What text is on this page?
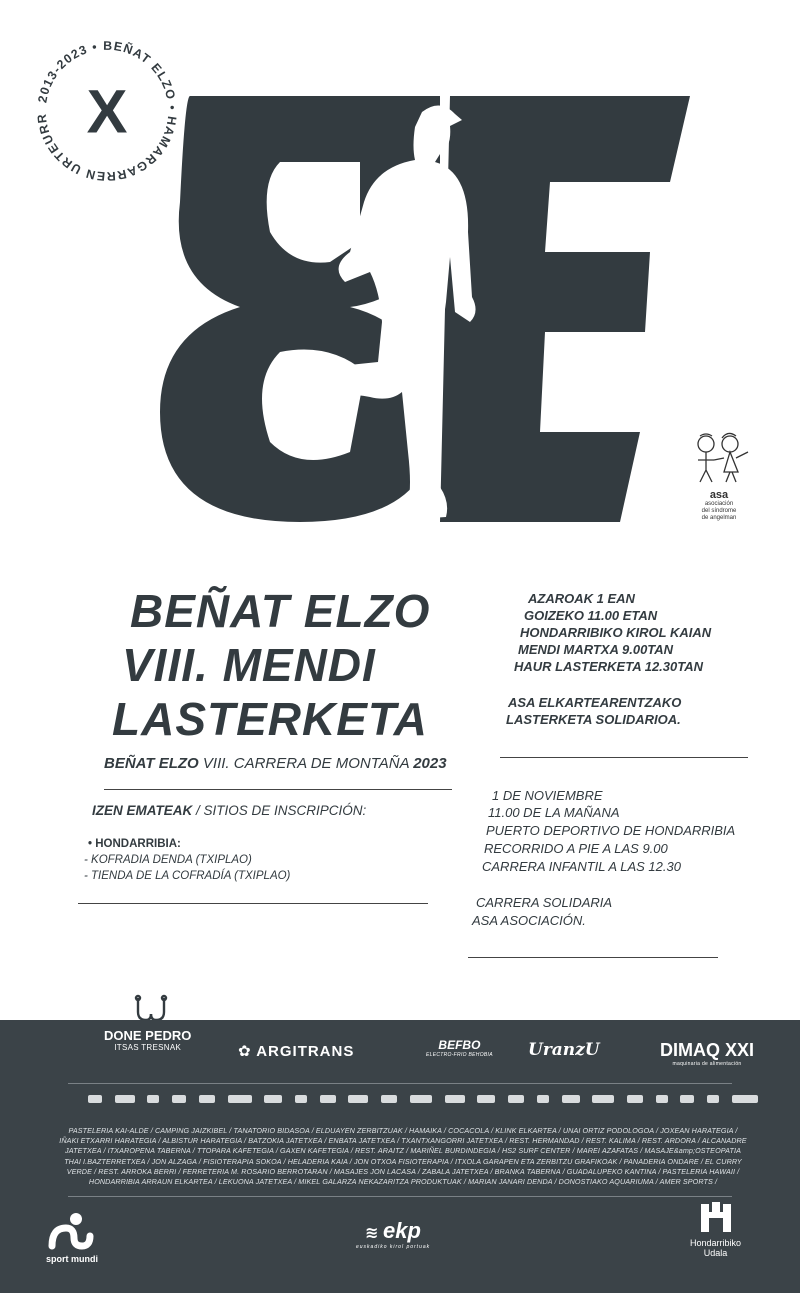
2013-2023 • BEÑAT ELZO • HAMARGARREN URTEURR X
asa
asociación
del síndrome
de angelman
BEÑAT ELZO
VIII. MENDI
LASTERKETA
BEÑAT ELZO VIII. CARRERA DE MONTAÑA 2023
IZEN EMATEAK / SITIOS DE INSCRIPCIÓN:
• HONDARRIBIA:
- KOFRADIA DENDA (TXIPLAO)
- TIENDA DE LA COFRADÍA (TXIPLAO)
AZAROAK 1 EAN
GOIZEKO 11.00 ETAN
HONDARRIBIKO KIROL KAIAN
MENDI MARTXA 9.00TAN
HAUR LASTERKETA 12.30TAN
ASA ELKARTEARENTZAKO
LASTERKETA SOLIDARIOA.
1 DE NOVIEMBRE
11.00 DE LA MAÑANA
PUERTO DEPORTIVO DE HONDARRIBIA
RECORRIDO A PIE A LAS 9.00
CARRERA INFANTIL A LAS 12.30
CARRERA SOLIDARIA
ASA ASOCIACIÓN.
DONE PEDRO
ITSAS TRESNAK	✿ ARGITRANS	BEFBO
ELECTRO-FRIO BEHOBIA UranzU	DIMAQ XXI
maquinaria de alimentación
PASTELERIA KAI-ALDE / CAMPING JAIZKIBEL / TANATORIO BIDASOA / ELDUAYEN ZERBITZUAK / HAMAIKA / COCACOLA / KLINK ELKARTEA / UNAI ORTIZ PODOLOGOA / JOXEAN HARATEGIA / IÑAKI ETXARRI HARATEGIA / ALBISTUR HARATEGIA / BATZOKIA JATETXEA / ENBATA JATETXEA / TXANTXANGORRI JATETXEA / REST. HERMANDAD / REST. KALIMA / REST. ARDORA / ALCANADRE JATETXEA / ITXAROPENA TABERNA / TTOPARA KAFETEGIA / GAXEN KAFETEGIA / REST. ARAITZ / MARIÑEL BURDINDEGIA / HS2 SURF CENTER / MAREI AZAFATAS / MASAJE&amp;OSTEOPATIA THAI I.BAZTERRETXEA / JON ALZAGA / FISIOTERAPIA SOKOA / HELADERIA KAIA / JON OTXOA FISIOTERAPIA / ITXOLA GARAPEN ETA ZERBITZU GRAFIKOAK / PANADERIA ONDARE / EL CURRY VERDE / REST. ARROKA BERRI / FERRETERIA M. ROSARIO BERROTARAN / MASAJES JON LACASA / ZABALA JATETXEA / BRANKA TABERNA / GUADALUPEKO KANTINA / PASTELERIA HAWAII / HONDARRIBIA ARRAUN ELKARTEA / LEKUONA JATETXEA / MIKEL GALARZA NEKAZARITZA PRODUKTUAK / MARIAN JANARI DENDA / DONOSTIAKO AQUARIUMA / AMER SPORTS /
sport mundi
≋ ekp
euskadiko kirol portuak	Hondarribiko
Udala
